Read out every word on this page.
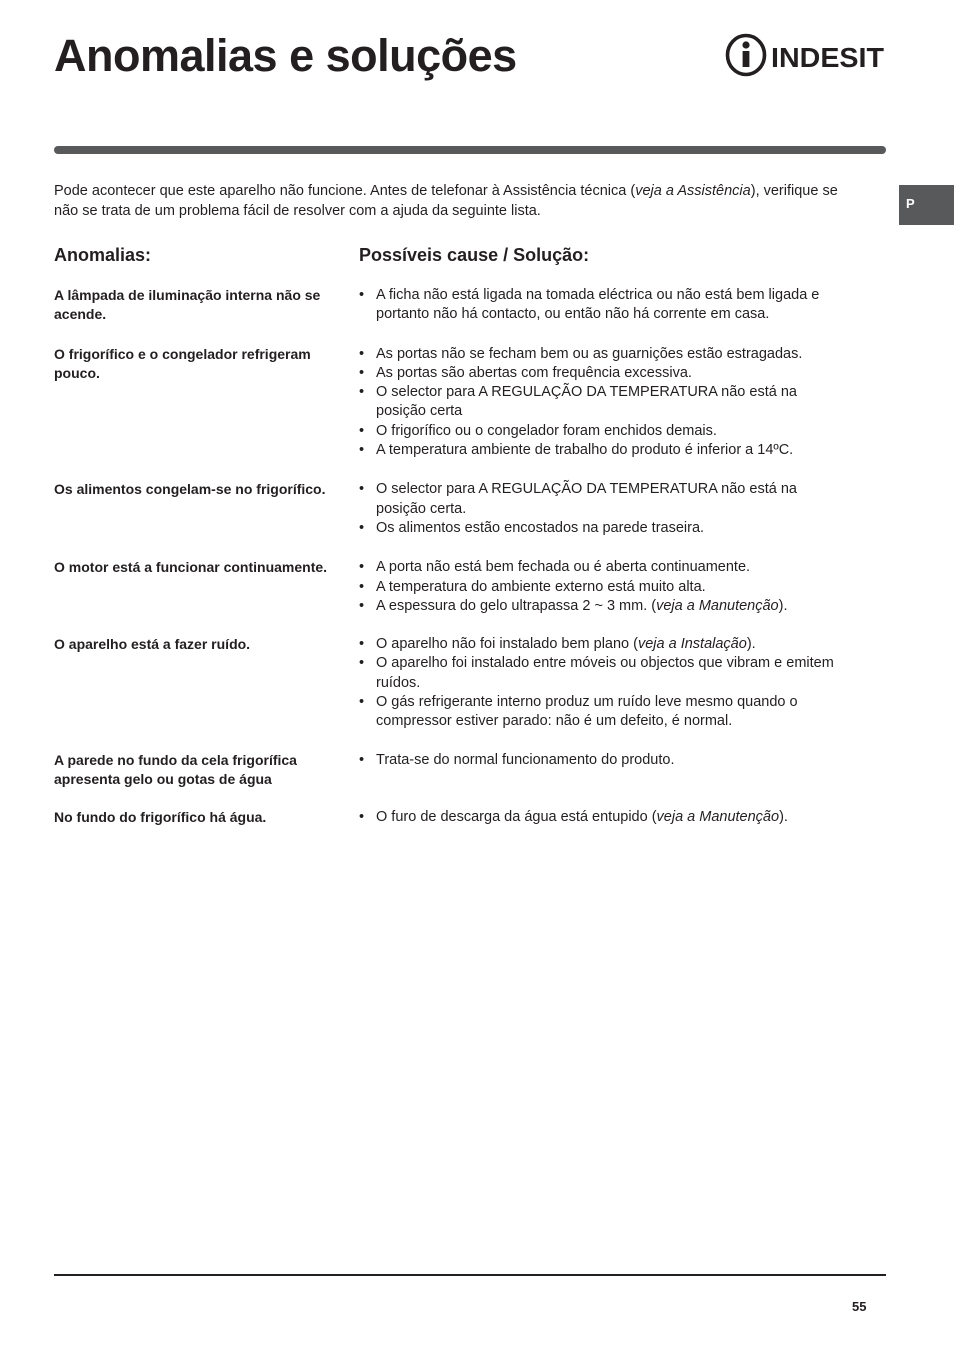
Anomalias e soluções	INDESIT
P

Pode acontecer que este aparelho não funcione. Antes de telefonar à Assistência técnica (veja a Assistência), verifique se não se trata de um problema fácil de resolver com a ajuda da seguinte lista.

Anomalias:	Possíveis cause / Solução:
A lâmpada de iluminação interna não se acende.
• A ficha não está ligada na tomada eléctrica ou não está bem ligada e portanto não há contacto, ou então não há corrente em casa.
O frigorífico e o congelador refrigeram pouco.
• As portas não se fecham bem ou as guarnições estão estragadas.
• As portas são abertas com frequência excessiva.
• O selector para A REGULAÇÃO DA TEMPERATURA não está na posição certa
• O frigorífico ou o congelador foram enchidos demais.
• A temperatura ambiente de trabalho do produto é inferior a 14ºC.
Os alimentos congelam-se no frigorífico.	• O selector para A REGULAÇÃO DA TEMPERATURA não está na posição certa.
• Os alimentos estão encostados na parede traseira.
O motor está a funcionar continuamente.	• A porta não está bem fechada ou é aberta continuamente.
• A temperatura do ambiente externo está muito alta.
• A espessura do gelo ultrapassa 2 ~ 3 mm. (veja a Manutenção).
O aparelho está a fazer ruído.	• O aparelho não foi instalado bem plano (veja a Instalação).
• O aparelho foi instalado entre móveis ou objectos que vibram e emitem ruídos.
• O gás refrigerante interno produz um ruído leve mesmo quando o compressor estiver parado: não é um defeito, é normal.
A parede no fundo da cela frigorífica apresenta gelo ou gotas de água
• Trata-se do normal funcionamento do produto.
No fundo do frigorífico há água.	• O furo de descarga da água está entupido (veja a Manutenção).
55
